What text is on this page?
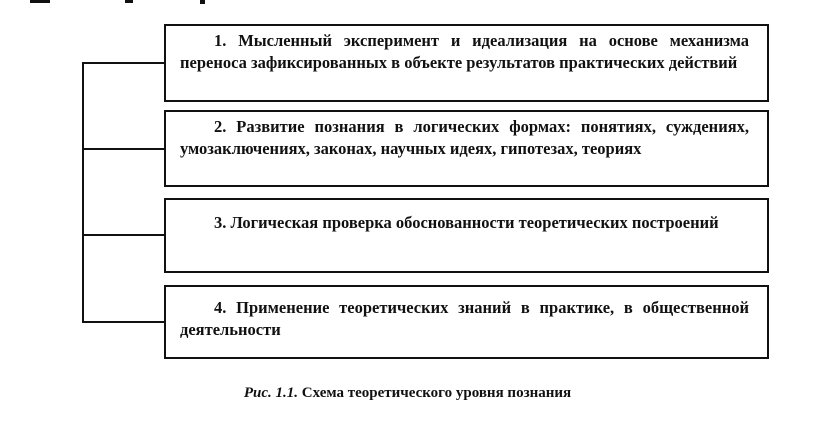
1. Мысленный эксперимент и идеализация на основе механизма переноса зафиксированных в объекте результатов практических действий
2. Развитие познания в логических формах: понятиях, суждениях, умозаключениях, законах, научных идеях, гипотезах, теориях
3. Логическая проверка обоснованности теоретических построений
4. Применение теоретических знаний в практике, в общественной деятельности
Рис. 1.1. Схема теоретического уровня познания
